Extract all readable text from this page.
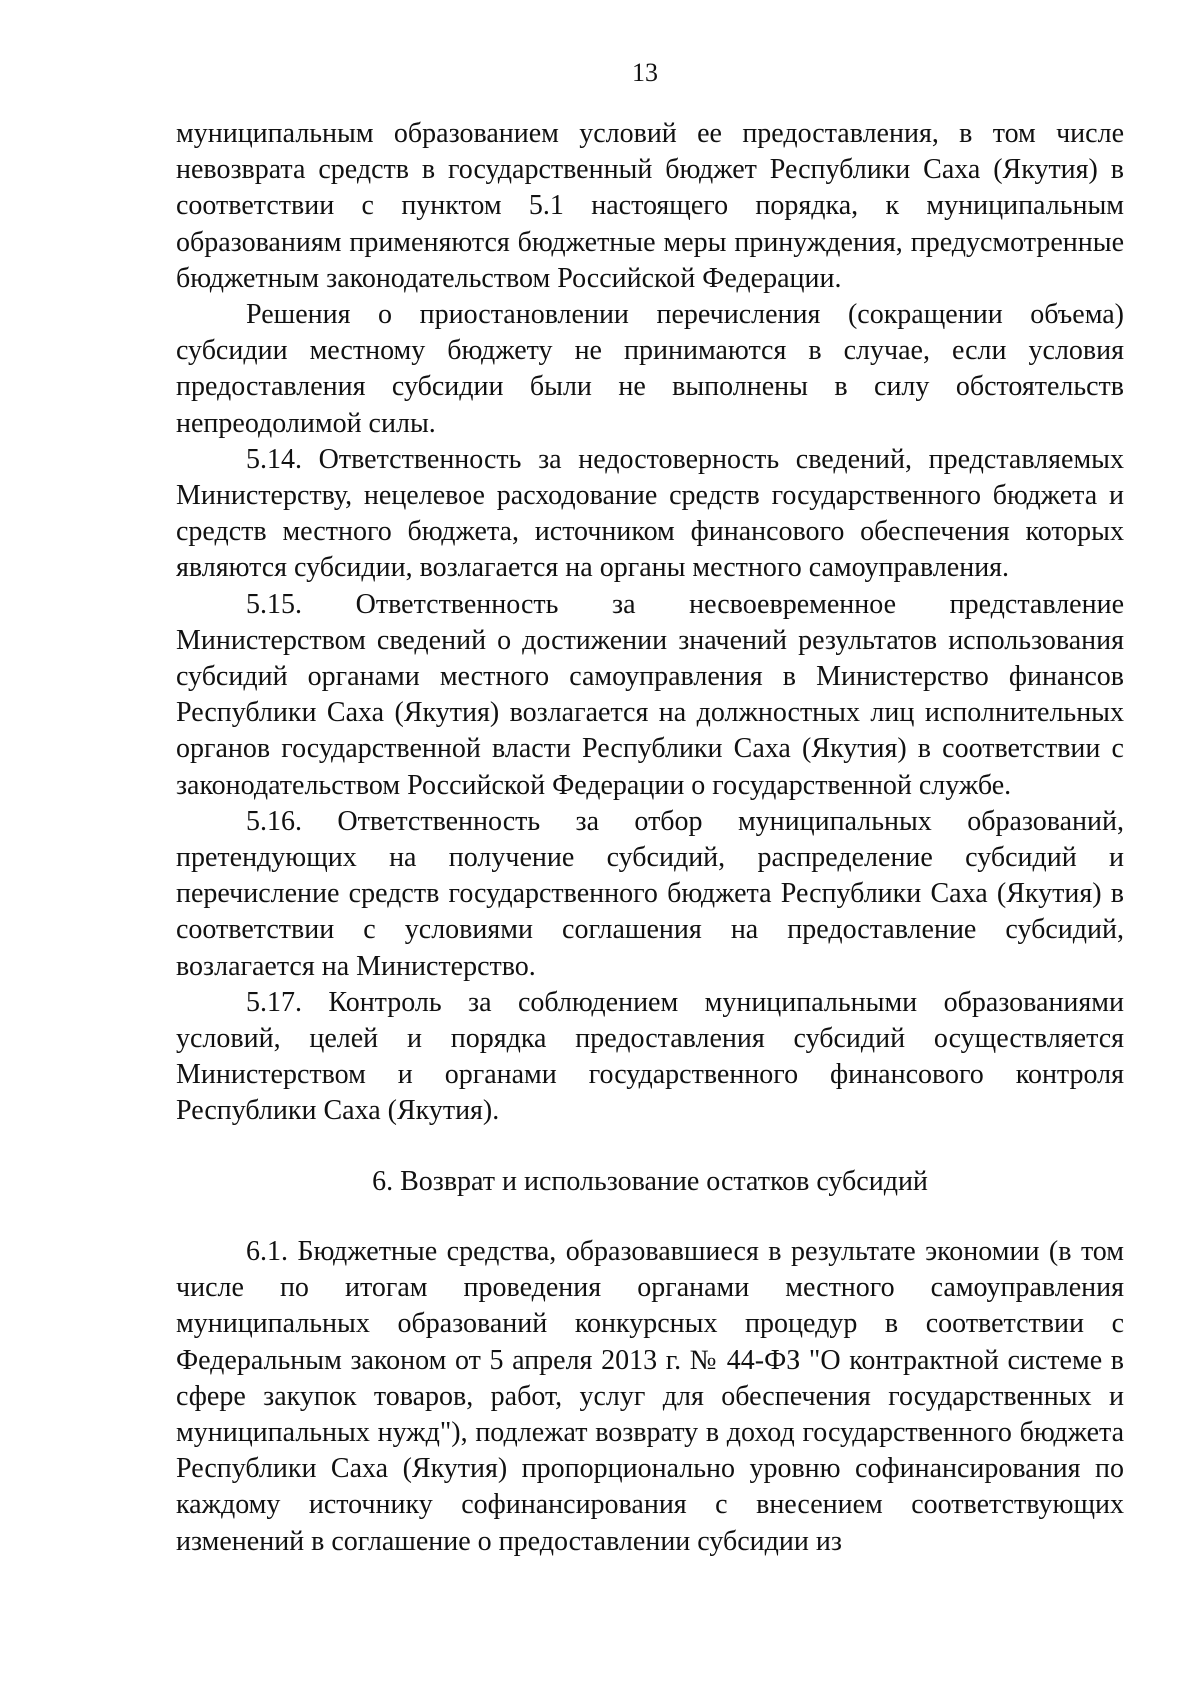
13

муниципальным образованием условий ее предоставления, в том числе невозврата средств в государственный бюджет Республики Саха (Якутия) в соответствии с пунктом 5.1 настоящего порядка, к муниципальным образованиям применяются бюджетные меры принуждения, предусмотренные бюджетным законодательством Российской Федерации.

Решения о приостановлении перечисления (сокращении объема) субсидии местному бюджету не принимаются в случае, если условия предоставления субсидии были не выполнены в силу обстоятельств непреодолимой силы.

5.14. Ответственность за недостоверность сведений, представляемых Министерству, нецелевое расходование средств государственного бюджета и средств местного бюджета, источником финансового обеспечения которых являются субсидии, возлагается на органы местного самоуправления.

5.15. Ответственность за несвоевременное представление Министерством сведений о достижении значений результатов использования субсидий органами местного самоуправления в Министерство финансов Республики Саха (Якутия) возлагается на должностных лиц исполнительных органов государственной власти Республики Саха (Якутия) в соответствии с законодательством Российской Федерации о государственной службе.

5.16. Ответственность за отбор муниципальных образований, претендующих на получение субсидий, распределение субсидий и перечисление средств государственного бюджета Республики Саха (Якутия) в соответствии с условиями соглашения на предоставление субсидий, возлагается на Министерство.

5.17. Контроль за соблюдением муниципальными образованиями условий, целей и порядка предоставления субсидий осуществляется Министерством и органами государственного финансового контроля Республики Саха (Якутия).

6. Возврат и использование остатков субсидий

6.1. Бюджетные средства, образовавшиеся в результате экономии (в том числе по итогам проведения органами местного самоуправления муниципальных образований конкурсных процедур в соответствии с Федеральным законом от 5 апреля 2013 г. № 44-ФЗ "О контрактной системе в сфере закупок товаров, работ, услуг для обеспечения государственных и муниципальных нужд"), подлежат возврату в доход государственного бюджета Республики Саха (Якутия) пропорционально уровню софинансирования по каждому источнику софинансирования с внесением соответствующих изменений в соглашение о предоставлении субсидии из
